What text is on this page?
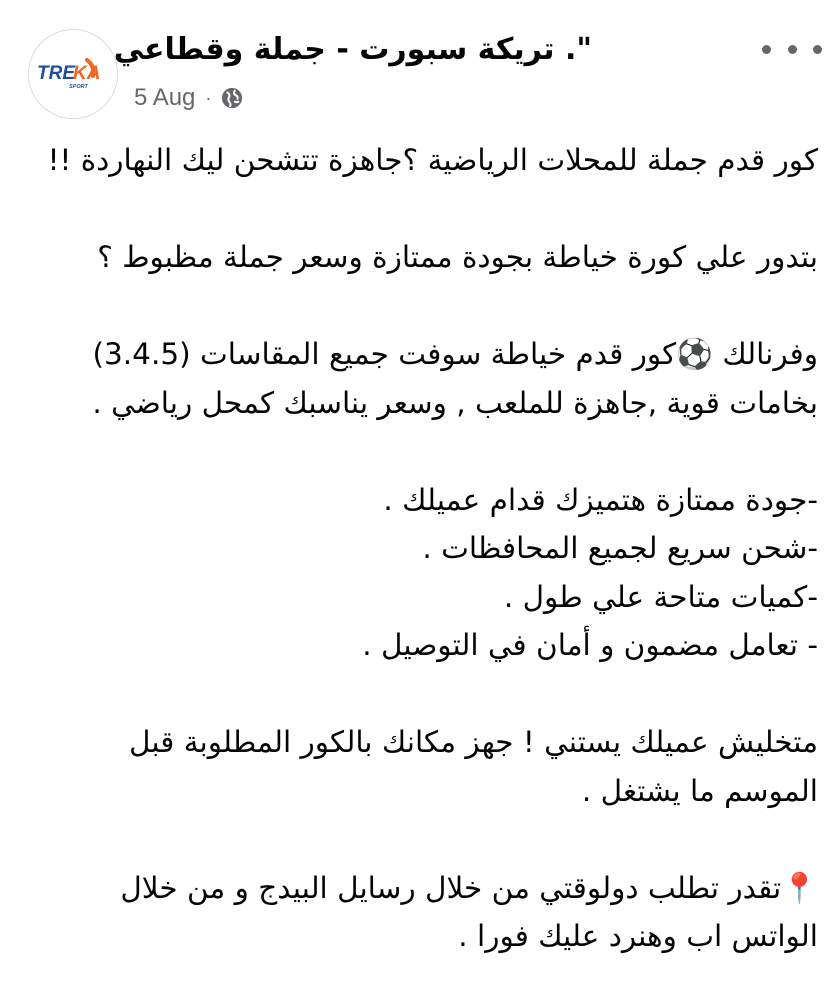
TRE
KA
SPORT
". تريكة سبورت - جملة وقطاعي
5 Aug ·

كور قدم جملة للمحلات الرياضية ؟جاهزة تتشحن ليك النهاردة !!

بتدور علي كورة خياطة بجودة ممتازة وسعر جملة مظبوط ؟

وفرنالك ⚽كور قدم خياطة سوفت جميع المقاسات (3.4.5)

بخامات قوية ,جاهزة للملعب , وسعر يناسبك كمحل رياضي .

-جودة ممتازة هتميزك قدام عميلك .

-شحن سريع لجميع المحافظات .

-كميات متاحة علي طول .

- تعامل مضمون و أمان في التوصيل .

متخليش عميلك يستني ! جهز مكانك بالكور المطلوبة قبل

الموسم ما يشتغل .

📍تقدر تطلب دولوقتي من خلال رسايل البيدج و من خلال

الواتس اب وهنرد عليك فورا .
